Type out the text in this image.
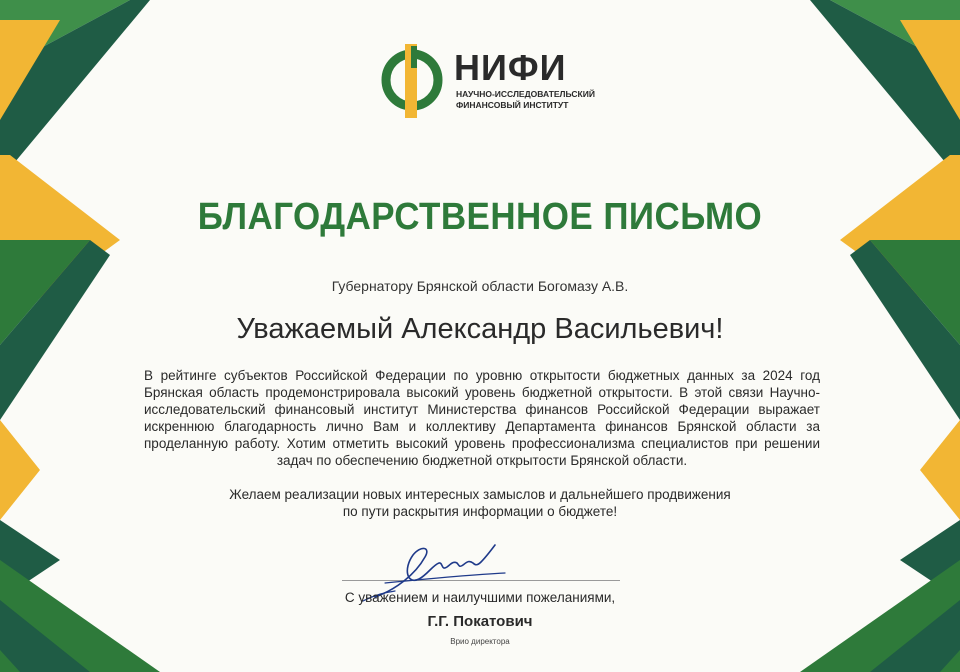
НИФИ
НАУЧНО-ИССЛЕДОВАТЕЛЬСКИЙ
ФИНАНСОВЫЙ ИНСТИТУТ
БЛАГОДАРСТВЕННОЕ ПИСЬМО
Губернатору Брянской области Богомазу А.В.
Уважаемый Александр Васильевич!
В рейтинге субъектов Российской Федерации по уровню открытости бюджетных данных за 2024 год Брянская область продемонстрировала высокий уровень бюджетной открытости. В этой связи Научно-исследовательский финансовый институт Министерства финансов Российской Федерации выражает искреннюю благодарность лично Вам и коллективу Департамента финансов Брянской области за проделанную работу. Хотим отметить высокий уровень профессионализма специалистов при решении задач по обеспечению бюджетной открытости Брянской области.
Желаем реализации новых интересных замыслов и дальнейшего продвижения
по пути раскрытия информации о бюджете!
С уважением и наилучшими пожеланиями,
Г.Г. Покатович
Врио директора
